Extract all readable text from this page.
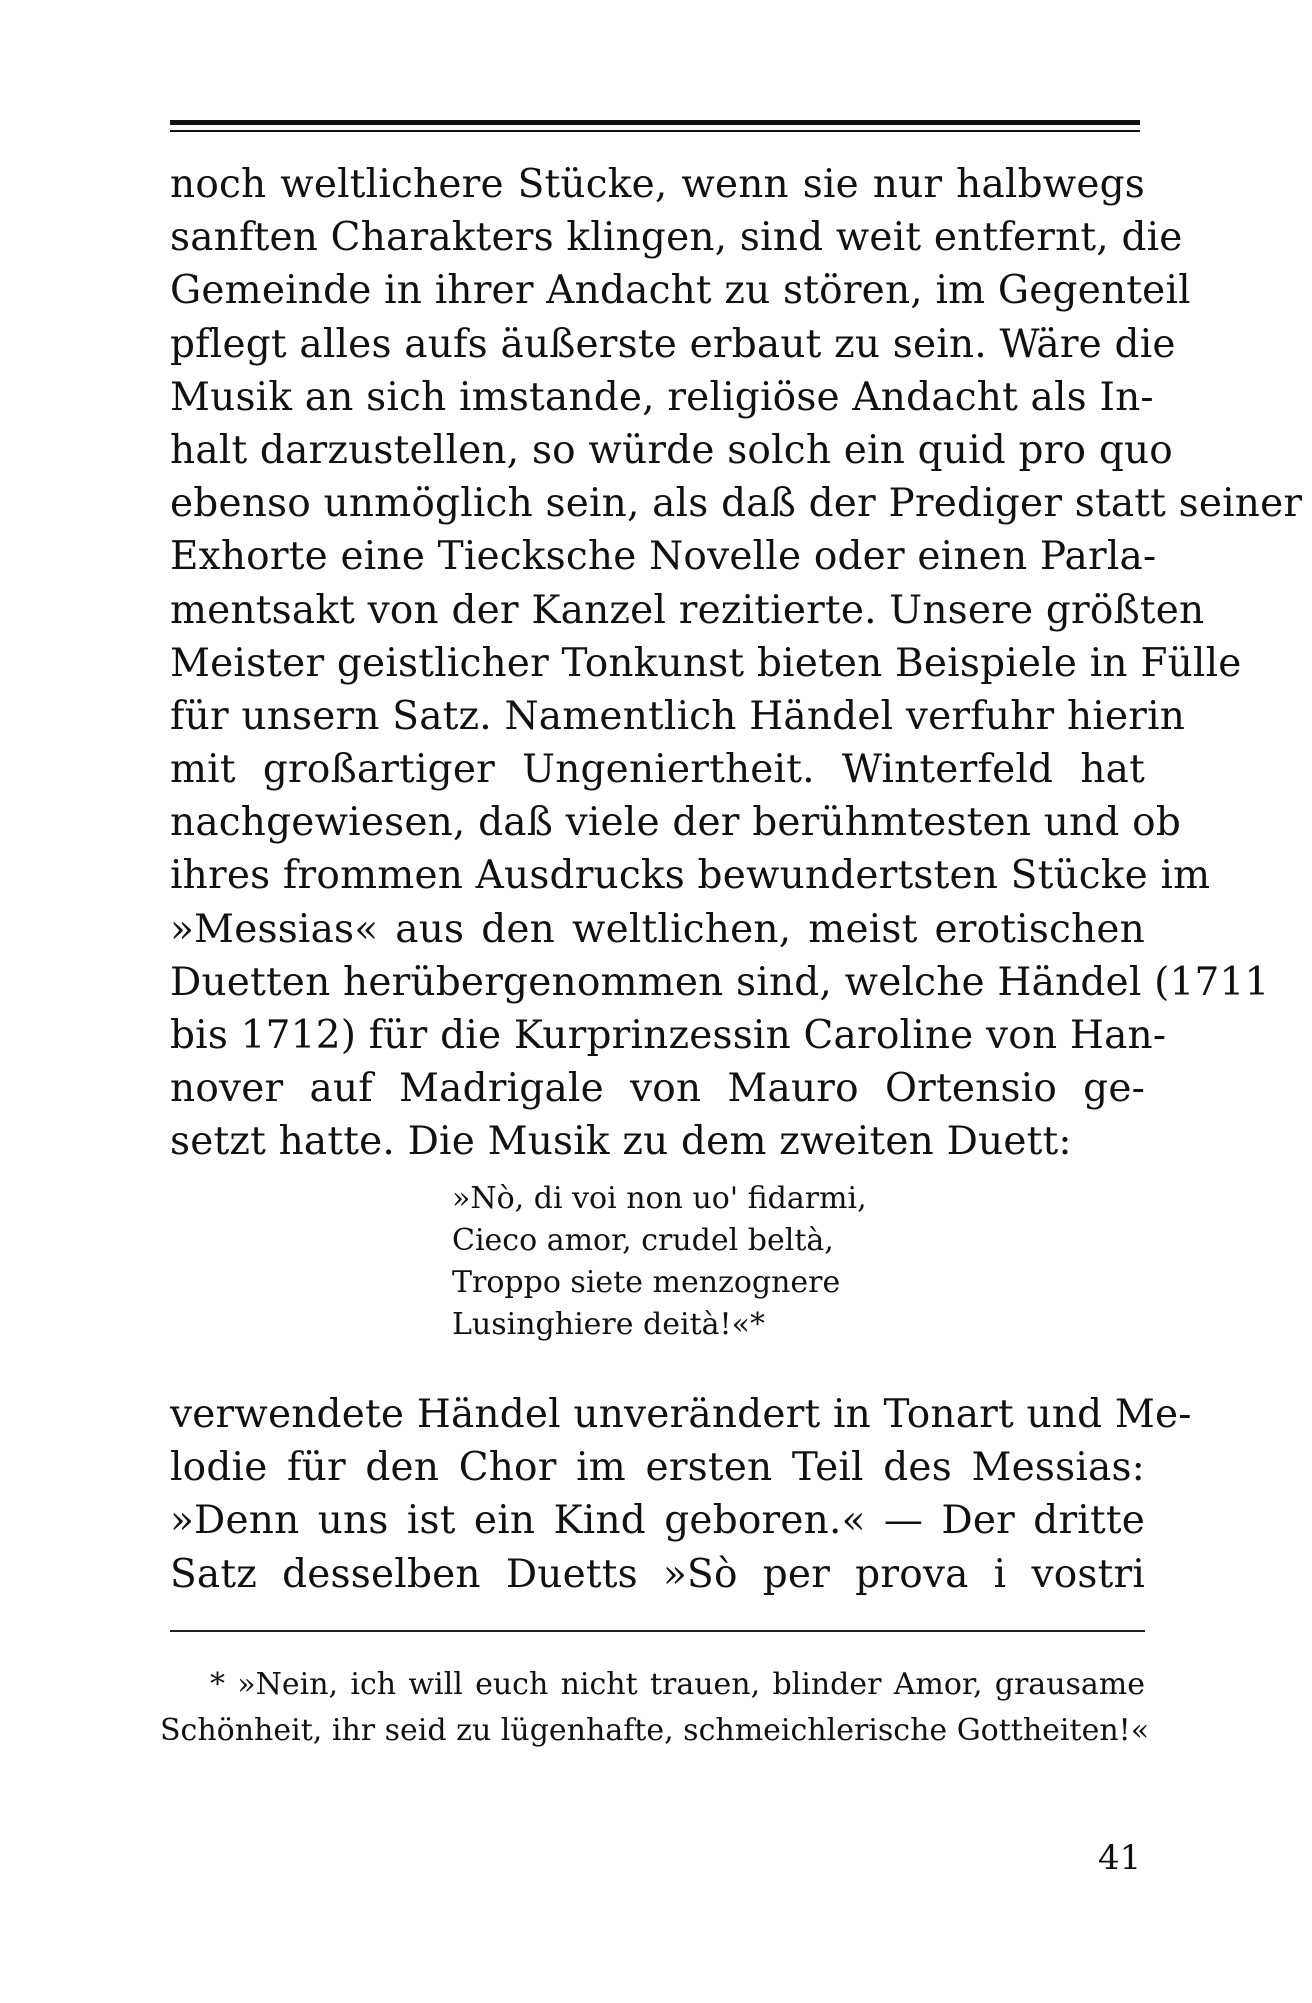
noch weltlichere Stücke, wenn sie nur halbwegs
sanften Charakters klingen, sind weit entfernt, die
Gemeinde in ihrer Andacht zu stören, im Gegenteil
pflegt alles aufs äußerste erbaut zu sein. Wäre die
Musik an sich imstande, religiöse Andacht als In-
halt darzustellen, so würde solch ein quid pro quo
ebenso unmöglich sein, als daß der Prediger statt seiner
Exhorte eine Tiecksche Novelle oder einen Parla-
mentsakt von der Kanzel rezitierte. Unsere größten
Meister geistlicher Tonkunst bieten Beispiele in Fülle
für unsern Satz. Namentlich Händel verfuhr hierin
mit großartiger Ungeniertheit. Winterfeld hat
nachgewiesen, daß viele der berühmtesten und ob
ihres frommen Ausdrucks bewundertsten Stücke im
»Messias« aus den weltlichen, meist erotischen
Duetten herübergenommen sind, welche Händel (1711
bis 1712) für die Kurprinzessin Caroline von Han-
nover auf Madrigale von Mauro Ortensio ge-
setzt hatte. Die Musik zu dem zweiten Duett:
»Nò, di voi non uo' fidarmi,
Cieco amor, crudel beltà,
Troppo siete menzognere
Lusinghiere deità!«*
verwendete Händel unverändert in Tonart und Me-
lodie für den Chor im ersten Teil des Messias:
»Denn uns ist ein Kind geboren.« — Der dritte
Satz desselben Duetts »Sò per prova i vostri
* »Nein, ich will euch nicht trauen, blinder Amor, grausame
Schönheit, ihr seid zu lügenhafte, schmeichlerische Gottheiten!«
41
